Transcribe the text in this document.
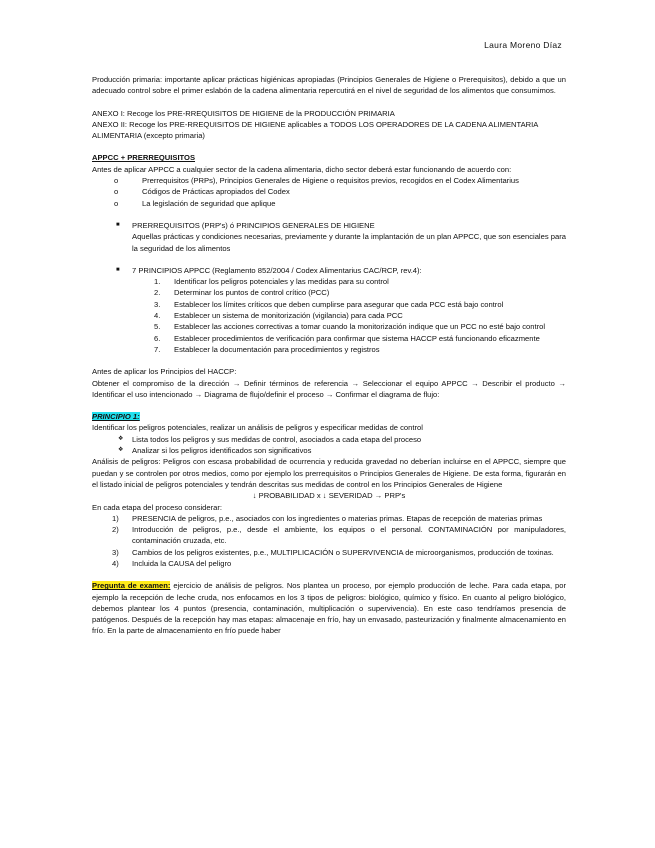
Laura Moreno Díaz

Producción primaria: importante aplicar prácticas higiénicas apropiadas (Principios Generales de Higiene o Prerequisitos), debido a que un adecuado control sobre el primer eslabón de la cadena alimentaria repercutirá en el nivel de seguridad de los alimentos que consumimos.

ANEXO I: Recoge los PRE-RREQUISITOS DE HIGIENE de la PRODUCCIÓN PRIMARIA

ANEXO II: Recoge los PRE-RREQUISITOS DE HIGIENE aplicables a TODOS LOS OPERADORES DE LA CADENA ALIMENTARIA ALIMENTARIA (excepto primaria)

APPCC + PRERREQUISITOS

Antes de aplicar APPCC a cualquier sector de la cadena alimentaria, dicho sector deberá estar funcionando de acuerdo con:

o	Prerrequisitos (PRPs), Principios Generales de Higiene o requisitos previos, recogidos en el Codex Alimentarius
o	Códigos de Prácticas apropiados del Codex
o	La legislación de seguridad que aplique
■	PRERREQUISITOS (PRP's) ó PRINCIPIOS GENERALES DE HIGIENE
Aquellas prácticas y condiciones necesarias, previamente y durante la implantación de un plan APPCC, que son esenciales para la seguridad de los alimentos
■	7 PRINCIPIOS APPCC (Reglamento 852/2004 / Codex Alimentarius CAC/RCP, rev.4):
1.	Identificar los peligros potenciales y las medidas para su control
2.	Determinar los puntos de control crítico (PCC)
3.	Establecer los límites críticos que deben cumplirse para asegurar que cada PCC está bajo control
4.	Establecer un sistema de monitorización (vigilancia) para cada PCC
5.	Establecer las acciones correctivas a tomar cuando la monitorización indique que un PCC no esté bajo control
6.	Establecer procedimientos de verificación para confirmar que sistema HACCP está funcionando eficazmente
7.	Establecer la documentación para procedimientos y registros

Antes de aplicar los Principios del HACCP:

Obtener el compromiso de la dirección → Definir términos de referencia → Seleccionar el equipo APPCC → Describir el producto → Identificar el uso intencionado → Diagrama de flujo/definir el proceso → Confirmar el diagrama de flujo:

PRINCIPIO 1:

Identificar los peligros potenciales, realizar un análisis de peligros y especificar medidas de control

❖	Lista todos los peligros y sus medidas de control, asociados a cada etapa del proceso
❖	Analizar si los peligros identificados son significativos

Análisis de peligros: Peligros con escasa probabilidad de ocurrencia y reducida gravedad no deberían incluirse en el APPCC, siempre que puedan y se controlen por otros medios, como por ejemplo los prerrequisitos o Principios Generales de Higiene. De esta forma, figurarán en el listado inicial de peligros potenciales y tendrán descritas sus medidas de control en los Principios Generales de Higiene

↓ PROBABILIDAD x ↓ SEVERIDAD → PRP's

En cada etapa del proceso considerar:

1)	PRESENCIA de peligros, p.e., asociados con los ingredientes o materias primas. Etapas de recepción de materias primas
2)	Introducción de peligros, p.e., desde el ambiente, los equipos o el personal. CONTAMINACIÓN por manipuladores, contaminación cruzada, etc.
3)	Cambios de los peligros existentes, p.e., MULTIPLICACIÓN o SUPERVIVENCIA de microorganismos, producción de toxinas.
4)	Incluida la CAUSA del peligro

Pregunta de examen: ejercicio de análisis de peligros. Nos plantea un proceso, por ejemplo producción de leche. Para cada etapa, por ejemplo la recepción de leche cruda, nos enfocamos en los 3 tipos de peligros: biológico, químico y físico. En cuanto al peligro biológico, debemos plantear los 4 puntos (presencia, contaminación, multiplicación o supervivencia). En este caso tendríamos presencia de patógenos. Después de la recepción hay mas etapas: almacenaje en frío, hay un envasado, pasteurización y finalmente almacenamiento en frío. En la parte de almacenamiento en frío puede haber
